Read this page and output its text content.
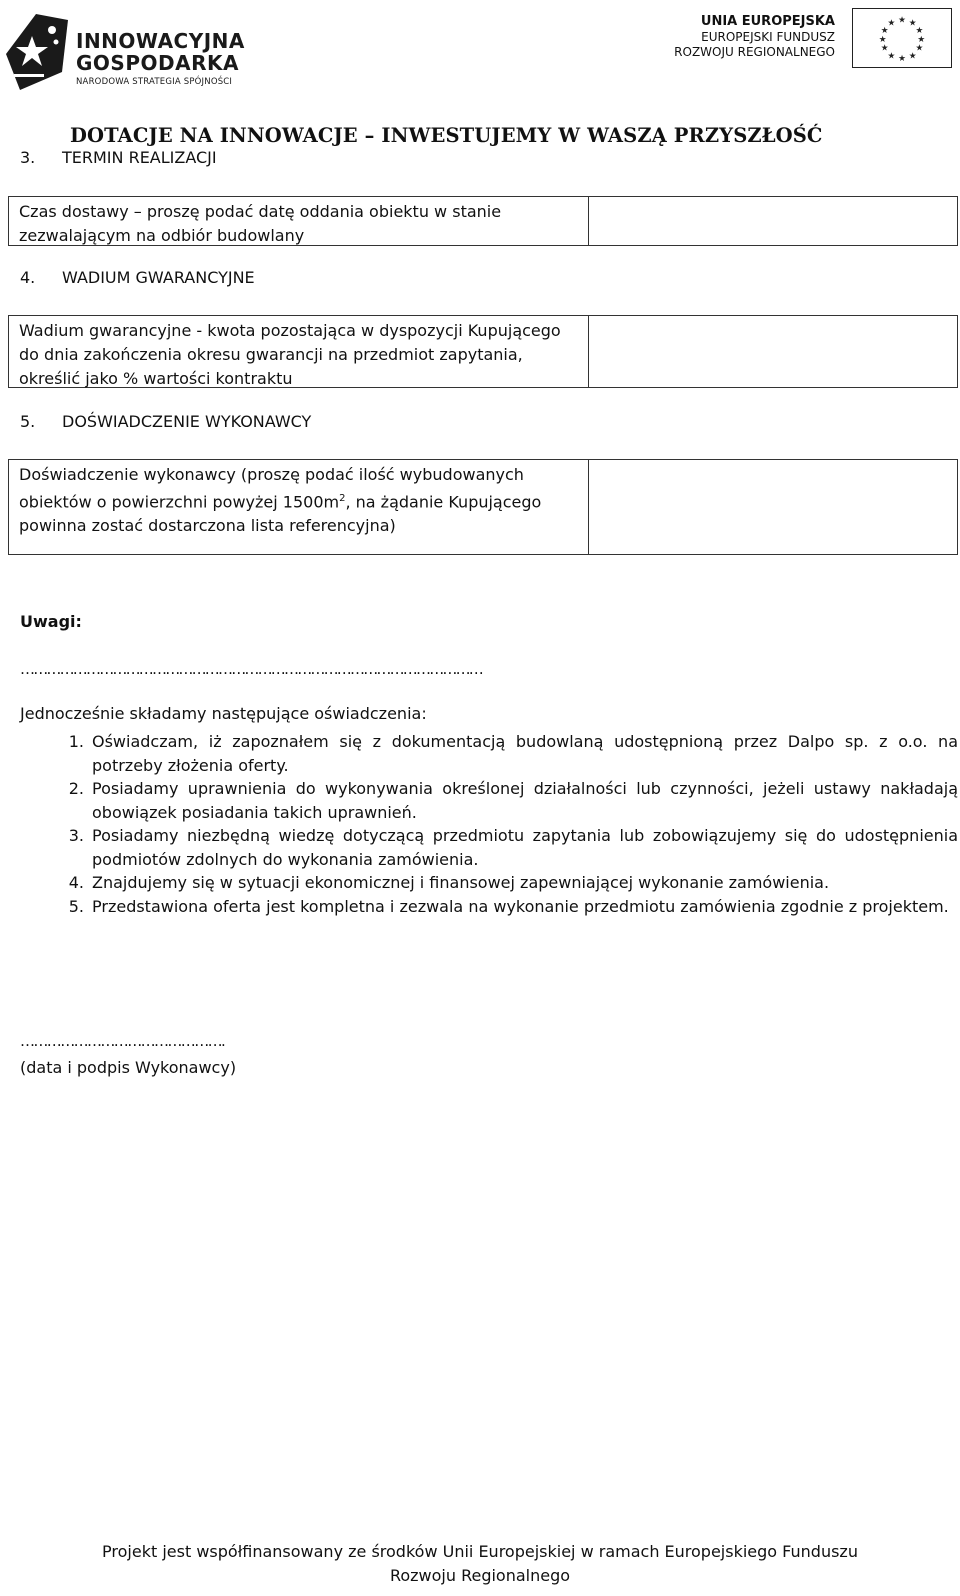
INNOWACYJNA
GOSPODARKA
NARODOWA STRATEGIA SPÓJNOŚCI
UNIA EUROPEJSKA
EUROPEJSKI FUNDUSZ
ROZWOJU REGIONALNEGO
★ ★
★
★
★
★
★
★
★
★
★
★
DOTACJE NA INNOWACJE – INWESTUJEMY W WASZĄ PRZYSZŁOŚĆ
3. TERMIN REALIZACJI
Czas dostawy – proszę podać datę oddania obiektu w stanie zezwalającym na odbiór budowlany
4. WADIUM GWARANCYJNE
Wadium gwarancyjne - kwota pozostająca w dyspozycji Kupującego do dnia zakończenia okresu gwarancji na przedmiot zapytania, określić jako % wartości kontraktu
5. DOŚWIADCZENIE WYKONAWCY
Doświadczenie wykonawcy (proszę podać ilość wybudowanych obiektów o powierzchni powyżej $1500m^2$, na żądanie Kupującego powinna zostać dostarczona lista referencyjna)
Uwagi:
……………………………………………………………………………………………
Jednocześnie składamy następujące oświadczenia:
1. Oświadczam, iż zapoznałem się z dokumentacją budowlaną udostępnioną przez Dalpo sp. z o.o. na potrzeby złożenia oferty.
2. Posiadamy uprawnienia do wykonywania określonej działalności lub czynności, jeżeli ustawy nakładają obowiązek posiadania takich uprawnień.
3. Posiadamy niezbędną wiedzę dotyczącą przedmiotu zapytania lub zobowiązujemy się do udostępnienia podmiotów zdolnych do wykonania zamówienia.
4. Znajdujemy się w sytuacji ekonomicznej i finansowej zapewniającej wykonanie zamówienia.
5. Przedstawiona oferta jest kompletna i zezwala na wykonanie przedmiotu zamówienia zgodnie z projektem.
……………………………………….
(data i podpis Wykonawcy)
Projekt jest współfinansowany ze środków Unii Europejskiej w ramach Europejskiego Funduszu
Rozwoju Regionalnego
